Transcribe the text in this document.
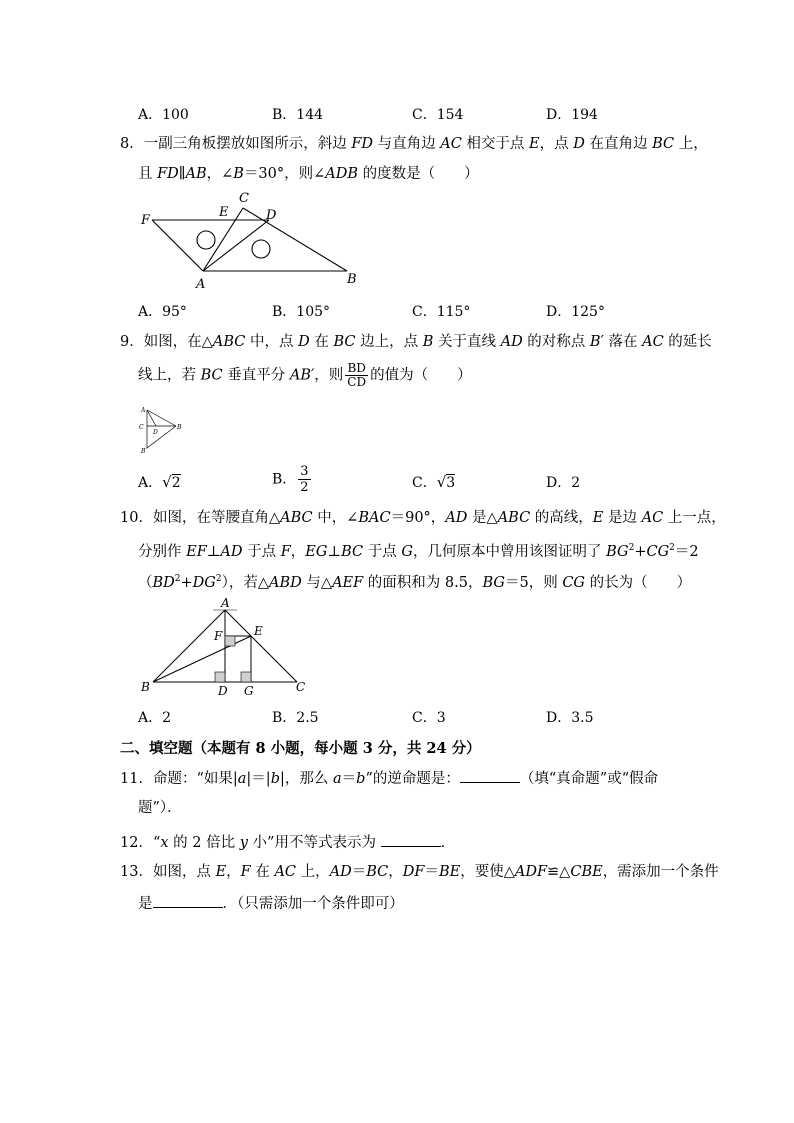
A．100	B．144	C．154	D．194
8．一副三角板摆放如图所示，斜边 FD 与直角边 AC 相交于点 E，点 D 在直角边 BC 上，
且 FD∥AB，∠B＝30°，则∠ADB 的度数是（　　）
F
E
C
D
A	B
A．95°	B．105°	C．115°	D．125°
9．如图，在△ABC 中，点 D 在 BC 边上，点 B 关于直线 AD 的对称点 B′ 落在 AC 的延长
线上，若 BC 垂直平分 AB′，则 $\frac{BD}{CD}$ 的值为（　　）
A
C
D
B
B′
A．√2	B． $\frac{3}{2}$	C．√3	D．2
10．如图，在等腰直角△ABC 中，∠BAC＝90°，AD 是△ABC 的高线，E 是边 AC 上一点，
分别作 EF⊥AD 于点 F，EG⊥BC 于点 G，几何原本中曾用该图证明了 $BG^2+CG^2=2$
$(BD^2+DG^2)$，若△ABD 与△AEF 的面积和为 8.5，BG＝5，则 CG 的长为（　　）
A
F	E
B	D G	C
A．2	B．2.5	C．3	D．3.5
二、填空题（本题有 8 小题，每小题 3 分，共 24 分）
11．命题：“如果|a|＝|b|，那么 a＝b”的逆命题是：	（填“真命题”或“假命
题”）．
12．“x 的 2 倍比 y 小”用不等式表示为	．
13．如图，点 E，F 在 AC 上，AD＝BC，DF＝BE，要使△ADF≌△CBE，需添加一个条件
是	．（只需添加一个条件即可）
